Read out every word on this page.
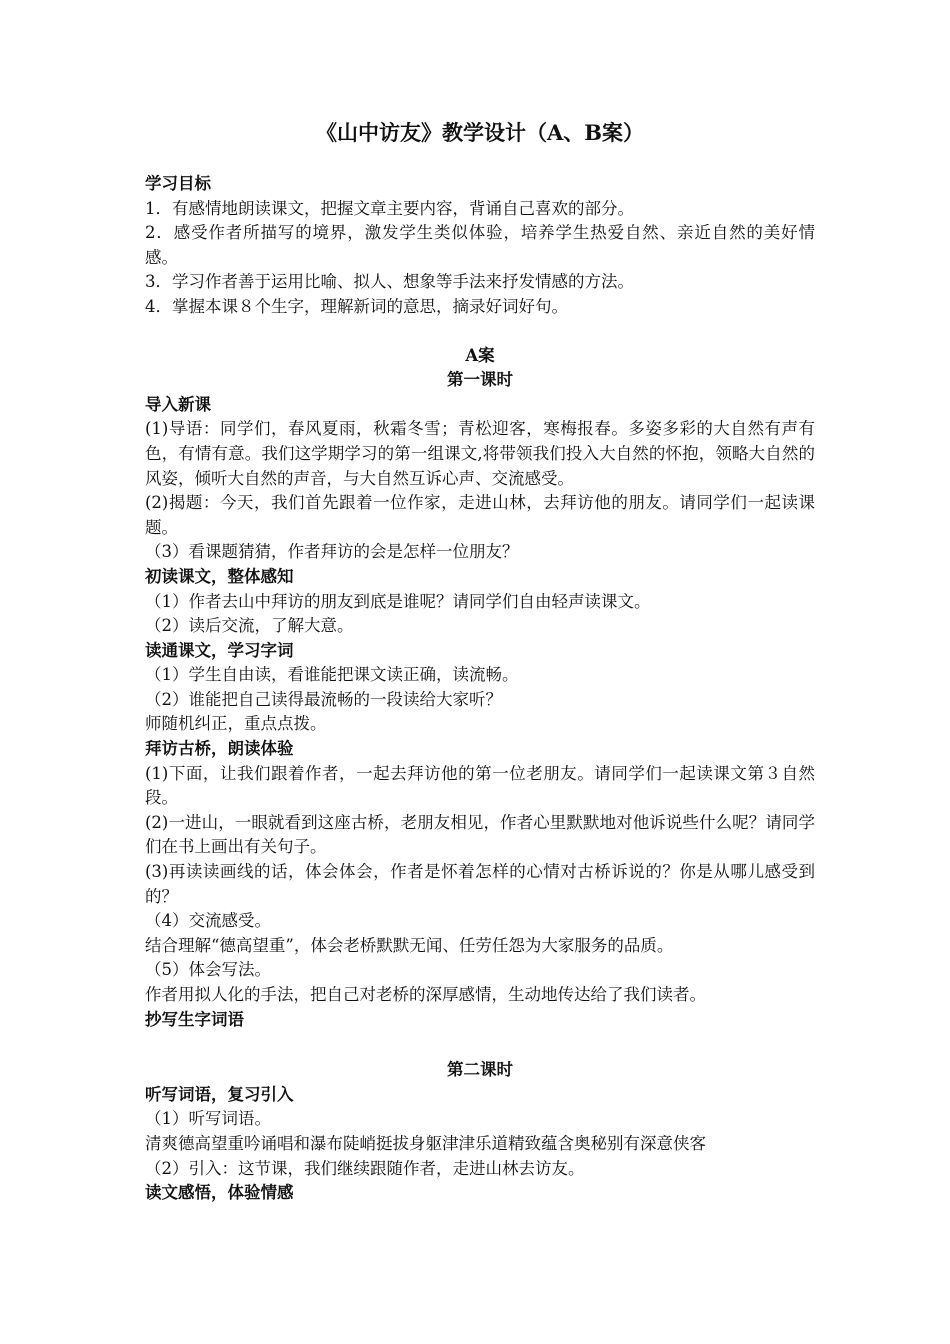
《山中访友》教学设计（A、B案）
学习目标

1．有感情地朗读课文，把握文章主要内容，背诵自己喜欢的部分。

2．感受作者所描写的境界，激发学生类似体验，培养学生热爱自然、亲近自然的美好情感。

3．学习作者善于运用比喻、拟人、想象等手法来抒发情感的方法。

4．掌握本课８个生字，理解新词的意思，摘录好词好句。

A案
第一课时
导入新课

(1)导语：同学们，春风夏雨，秋霜冬雪；青松迎客，寒梅报春。多姿多彩的大自然有声有色，有情有意。我们这学期学习的第一组课文,将带领我们投入大自然的怀抱，领略大自然的风姿，倾听大自然的声音，与大自然互诉心声、交流感受。

(2)揭题：今天，我们首先跟着一位作家，走进山林，去拜访他的朋友。请同学们一起读课题。

（3）看课题猜猜，作者拜访的会是怎样一位朋友？

初读课文，整体感知

（1）作者去山中拜访的朋友到底是谁呢？请同学们自由轻声读课文。

（2）读后交流，了解大意。

读通课文，学习字词

（1）学生自由读，看谁能把课文读正确，读流畅。

（2）谁能把自己读得最流畅的一段读给大家听？

师随机纠正，重点点拨。

拜访古桥，朗读体验

(1)下面，让我们跟着作者，一起去拜访他的第一位老朋友。请同学们一起读课文第３自然段。

(2)一进山，一眼就看到这座古桥，老朋友相见，作者心里默默地对他诉说些什么呢？请同学们在书上画出有关句子。

(3)再读读画线的话，体会体会，作者是怀着怎样的心情对古桥诉说的？你是从哪儿感受到的？

（4）交流感受。

结合理解“德高望重”，体会老桥默默无闻、任劳任怨为大家服务的品质。

（5）体会写法。

作者用拟人化的手法，把自己对老桥的深厚感情，生动地传达给了我们读者。

抄写生字词语
第二课时
听写词语，复习引入

（1）听写词语。

清爽德高望重吟诵唱和瀑布陡峭挺拔身躯津津乐道精致蕴含奥秘别有深意侠客

（2）引入：这节课，我们继续跟随作者，走进山林去访友。

读文感悟，体验情感
